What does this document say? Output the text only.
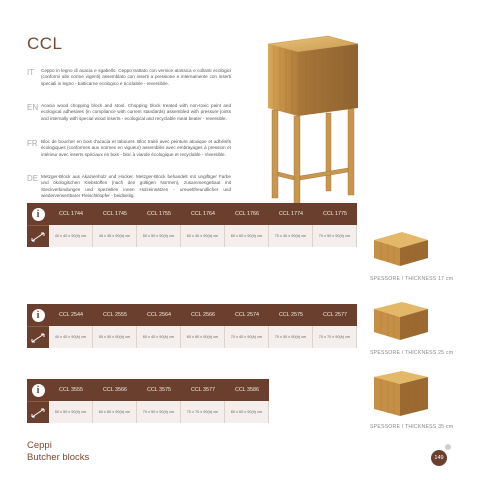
CCL
IT Ceppo in legno di acacia e sgabello. Ceppo trattato con vernice atossica e collanti ecologici (conformi alle norme vigenti) assemblato con inserti a pressione e internamente con inserti speciali in legno - batticarne ecologico e riciclabile - reversibile.

EN Acacia wood chopping block and stool. Chopping block treated with non-toxic paint and ecological adhesives (in compliance with current standards) assembled with pressure joints and internally with special wood inserts - ecological and recyclable meat beater - reversible.

FR Bloc de boucher en bois d'acacia et tabouret. Bloc traité avec peinture atoxique et adhésifs écologiques (conformes aux normes en vigueur) assemblés avec embrayages à pression et intérieur avec inserts spéciaux en bois - bloc à viande écologique et recyclable - réversible.

DE Metzger-Block aus Akazienholz und Hocker. Metzger-Block behandelt mit ungiftiger Farbe und ökologischen Klebstoffen (nach den gültigen Normen), zusammengebaut mit Steckverbindungen und speziellen innen Holzeinsätzen - umweltfreundlicher und wiederverwertbarer Fleischklopfer - beidseitig.

i	CCL 1744	CCL 1745	CCL 1755	CCL 1764	CCL 1766	CCL 1774	CCL 1775
40 x 40 x 90(h) cm	45 x 45 x 90(h) cm	50 x 50 x 90(h) cm	60 x 40 x 90(h) cm	60 x 60 x 90(h) cm	70 x 40 x 90(h) cm	70 x 50 x 90(h) cm
i	CCL 2544	CCL 2555	CCL 2564	CCL 2566	CCL 2574	CCL 2575	CCL 2577
40 x 40 x 90(h) cm	50 x 50 x 90(h) cm	60 x 40 x 90(h) cm	60 x 60 x 90(h) cm	70 x 40 x 90(h) cm	70 x 50 x 90(h) cm	70 x 70 x 90(h) cm
i	CCL 3555	CCL 3566	CCL 3575	CCL 3577	CCL 3586
50 x 50 x 90(h) cm	60 x 60 x 90(h) cm	70 x 50 x 90(h) cm	70 x 70 x 90(h) cm	80 x 60 x 90(h) cm
SPESSORE / THICKNESS 17 cm
SPESSORE / THICKNESS 25 cm
SPESSORE / THICKNESS 35 cm
Ceppi
Butcher blocks	149
